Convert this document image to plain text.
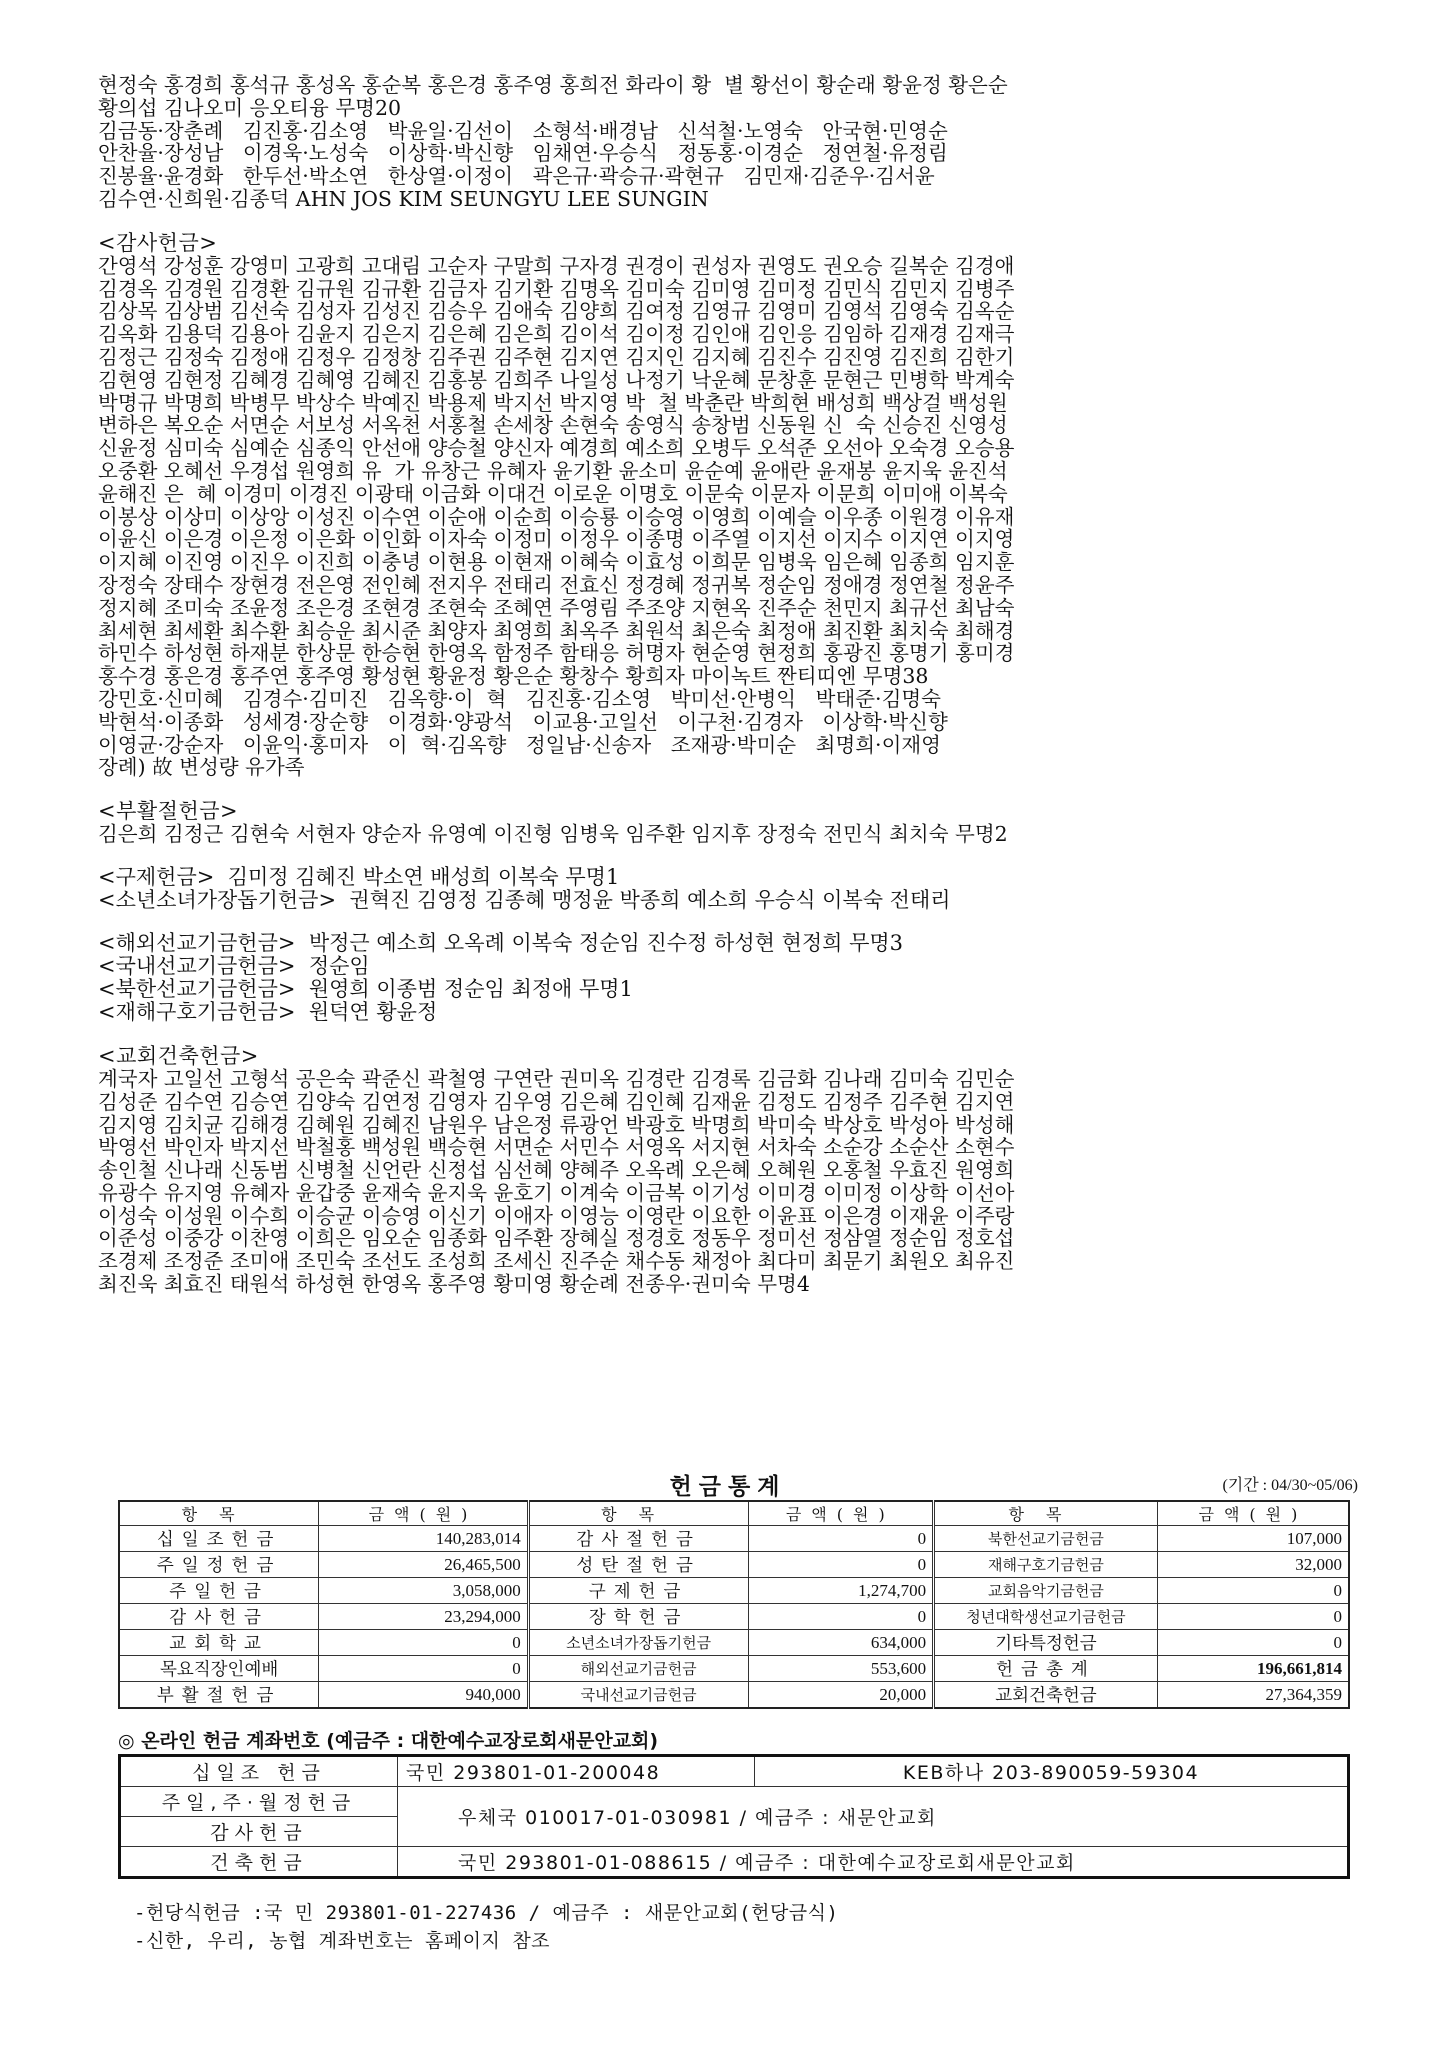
현정숙 홍경희 홍석규 홍성옥 홍순복 홍은경 홍주영 홍희전 화라이 황  별 황선이 황순래 황윤정 황은순

황의섭 김나오미 응오티융 무명20

김금동·장춘례   김진홍·김소영   박윤일·김선이   소형석·배경남   신석철·노영숙   안국현·민영순

안찬율·장성남   이경욱·노성숙   이상학·박신향   임채연·우승식   정동홍·이경순   정연철·유정림

진봉율·윤경화   한두선·박소연   한상열·이정이   곽은규·곽승규·곽현규   김민재·김준우·김서윤

김수연·신희원·김종덕 AHN JOS KIM SEUNGYU LEE SUNGIN

<감사헌금>

간영석 강성훈 강영미 고광희 고대림 고순자 구말희 구자경 권경이 권성자 권영도 권오승 길복순 김경애

김경옥 김경원 김경환 김규원 김규환 김금자 김기환 김명옥 김미숙 김미영 김미정 김민식 김민지 김병주

김상목 김상범 김선숙 김성자 김성진 김승우 김애숙 김양희 김여정 김영규 김영미 김영석 김영숙 김옥순

김옥화 김용덕 김용아 김윤지 김은지 김은혜 김은희 김이석 김이정 김인애 김인응 김임하 김재경 김재극

김정근 김정숙 김정애 김정우 김정창 김주권 김주현 김지연 김지인 김지혜 김진수 김진영 김진희 김한기

김현영 김현정 김혜경 김혜영 김혜진 김홍봉 김희주 나일성 나정기 낙운혜 문창훈 문현근 민병학 박계숙

박명규 박명희 박병무 박상수 박예진 박용제 박지선 박지영 박  철 박춘란 박희현 배성희 백상걸 백성원

변하은 복오순 서면순 서보성 서옥천 서홍철 손세창 손현숙 송영식 송창범 신동원 신  숙 신승진 신영성

신윤정 심미숙 심예순 심종익 안선애 양승철 양신자 예경희 예소희 오병두 오석준 오선아 오숙경 오승용

오중환 오혜선 우경섭 원영희 유  가 유창근 유혜자 윤기환 윤소미 윤순예 윤애란 윤재봉 윤지욱 윤진석

윤해진 은  혜 이경미 이경진 이광태 이금화 이대건 이로운 이명호 이문숙 이문자 이문희 이미애 이복숙

이봉상 이상미 이상앙 이성진 이수연 이순애 이순희 이승룡 이승영 이영희 이예슬 이우종 이원경 이유재

이윤신 이은경 이은정 이은화 이인화 이자숙 이정미 이정우 이종명 이주열 이지선 이지수 이지연 이지영

이지혜 이진영 이진우 이진희 이충녕 이현용 이현재 이혜숙 이효성 이희문 임병욱 임은혜 임종희 임지훈

장정숙 장태수 장현경 전은영 전인혜 전지우 전태리 전효신 정경혜 정귀복 정순임 정애경 정연철 정윤주

정지혜 조미숙 조윤정 조은경 조현경 조현숙 조혜연 주영림 주조양 지현옥 진주순 천민지 최규선 최남숙

최세현 최세환 최수환 최승운 최시준 최양자 최영희 최옥주 최원석 최은숙 최정애 최진환 최치숙 최해경

하민수 하성현 하재분 한상문 한승현 한영옥 함정주 함태응 허명자 현순영 현정희 홍광진 홍명기 홍미경

홍수경 홍은경 홍주연 홍주영 황성현 황윤정 황은순 황창수 황희자 마이녹트 짠티띠엔 무명38

강민호·신미혜   김경수·김미진   김옥향·이  혁   김진홍·김소영   박미선·안병익   박태준·김명숙

박현석·이종화   성세경·장순향   이경화·양광석   이교용·고일선   이구천·김경자   이상학·박신향

이영균·강순자   이윤익·홍미자   이  혁·김옥향   정일남·신송자   조재광·박미순   최명희·이재영

장례) 故 변성량 유가족

<부활절헌금>

김은희 김정근 김현숙 서현자 양순자 유영예 이진형 임병욱 임주환 임지후 장정숙 전민식 최치숙 무명2

<구제헌금> 김미정 김혜진 박소연 배성희 이복숙 무명1

<소년소녀가장돕기헌금> 권혁진 김영정 김종혜 맹정윤 박종희 예소희 우승식 이복숙 전태리

<해외선교기금헌금> 박정근 예소희 오옥례 이복숙 정순임 진수정 하성현 현정희 무명3

<국내선교기금헌금> 정순임

<북한선교기금헌금> 원영희 이종범 정순임 최정애 무명1

<재해구호기금헌금> 원덕연 황윤정

<교회건축헌금>

계국자 고일선 고형석 공은숙 곽준신 곽철영 구연란 권미옥 김경란 김경록 김금화 김나래 김미숙 김민순

김성준 김수연 김승연 김양숙 김연정 김영자 김우영 김은혜 김인혜 김재윤 김정도 김정주 김주현 김지연

김지영 김치균 김해경 김혜원 김혜진 남원우 남은정 류광언 박광호 박명희 박미숙 박상호 박성아 박성해

박영선 박인자 박지선 박철홍 백성원 백승현 서면순 서민수 서영옥 서지현 서차숙 소순강 소순산 소현수

송인철 신나래 신동범 신병철 신언란 신정섭 심선혜 양혜주 오옥례 오은혜 오혜원 오홍철 우효진 원영희

유광수 유지영 유혜자 윤갑중 윤재숙 윤지욱 윤호기 이계숙 이금복 이기성 이미경 이미정 이상학 이선아

이성숙 이성원 이수희 이승균 이승영 이신기 이애자 이영능 이영란 이요한 이윤표 이은경 이재윤 이주랑

이준성 이중강 이찬영 이희은 임오순 임종화 임주환 장혜실 정경호 정동우 정미선 정삼열 정순임 정호섭

조경제 조정준 조미애 조민숙 조선도 조성희 조세신 진주순 채수동 채정아 최다미 최문기 최원오 최유진

최진욱 최효진 태원석 하성현 한영옥 홍주영 황미영 황순례 전종우·권미숙 무명4

헌금통계	(기간 : 04/30~05/06)
항목	금액(원)	항목	금액(원)	항목	금액(원)
십일조헌금	140,283,014	감사절헌금	0	북한선교기금헌금	107,000
주일정헌금	26,465,500	성탄절헌금	0	재해구호기금헌금	32,000
주일헌금	3,058,000	구제헌금	1,274,700	교회음악기금헌금	0
감사헌금	23,294,000	장학헌금	0	청년대학생선교기금헌금	0
교회학교	0	소년소녀가장돕기헌금	634,000	기타특정헌금	0
목요직장인예배	0	해외선교기금헌금	553,600	헌금총계	196,661,814
부활절헌금	940,000	국내선교기금헌금	20,000	교회건축헌금	27,364,359
◎ 온라인 헌금 계좌번호 (예금주 : 대한예수교장로회새문안교회)
십일조 헌금	국민 293801-01-200048	KEB하나 203-890059-59304
주일,주·월정헌금	우체국 010017-01-030981 / 예금주 : 새문안교회	
감사헌금		
건축헌금	국민 293801-01-088615 / 예금주 : 대한예수교장로회새문안교회	
-헌당식헌금 :국 민 293801-01-227436 / 예금주 : 새문안교회(헌당금식)
-신한, 우리, 농협 계좌번호는 홈페이지 참조
